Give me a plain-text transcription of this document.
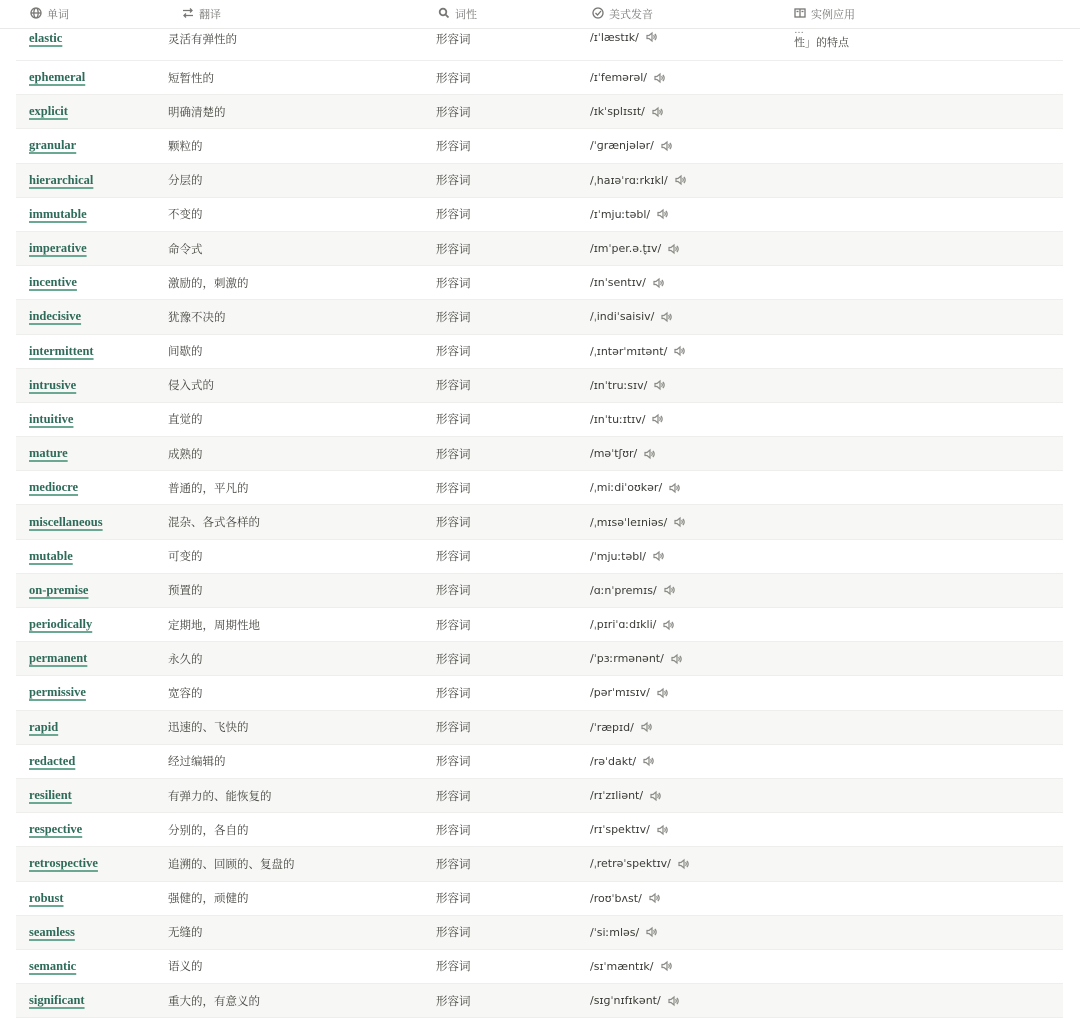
单词	翻译	词性	美式发音	实例应用
elastic	灵活有弹性的	形容词	/ɪˈlæstɪk/
…
性」的特点
ephemeral	短暂性的	形容词	/ɪˈfemərəl/
explicit	明确清楚的	形容词	/ɪkˈsplɪsɪt/
granular	颗粒的	形容词	/ˈɡrænjələr/
hierarchical	分层的	形容词	/ˌhaɪəˈrɑːrkɪkl/
immutable	不变的	形容词	/ɪˈmjuːtəbl/
imperative	命令式	形容词	/ɪmˈper.ə.t̬ɪv/
incentive	激励的，刺激的	形容词	/ɪnˈsentɪv/
indecisive	犹豫不决的	形容词	/ˌindiˈsaisiv/
intermittent	间歇的	形容词	/ˌɪntərˈmɪtənt/
intrusive	侵入式的	形容词	/ɪnˈtruːsɪv/
intuitive	直觉的	形容词	/ɪnˈtuːɪtɪv/
mature	成熟的	形容词	/məˈtʃʊr/
mediocre	普通的，平凡的	形容词	/ˌmiːdiˈoʊkər/
miscellaneous	混杂、各式各样的	形容词	/ˌmɪsəˈleɪniəs/
mutable	可变的	形容词	/ˈmjuːtəbl/
on-premise	预置的	形容词	/ɑːnˈpremɪs/
periodically	定期地，周期性地	形容词	/ˌpɪriˈɑːdɪkli/
permanent	永久的	形容词	/ˈpɜːrmənənt/
permissive	宽容的	形容词	/pərˈmɪsɪv/
rapid	迅速的、飞快的	形容词	/ˈræpɪd/
redacted	经过编辑的	形容词	/rəˈdakt/
resilient	有弹力的、能恢复的	形容词	/rɪˈzɪliənt/
respective	分别的，各自的	形容词	/rɪˈspektɪv/
retrospective	追溯的、回顾的、复盘的	形容词	/ˌretrəˈspektɪv/
robust	强健的，顽健的	形容词	/roʊˈbʌst/
seamless	无缝的	形容词	/ˈsiːmləs/
semantic	语义的	形容词	/sɪˈmæntɪk/
significant	重大的，有意义的	形容词	/sɪɡˈnɪfɪkənt/
